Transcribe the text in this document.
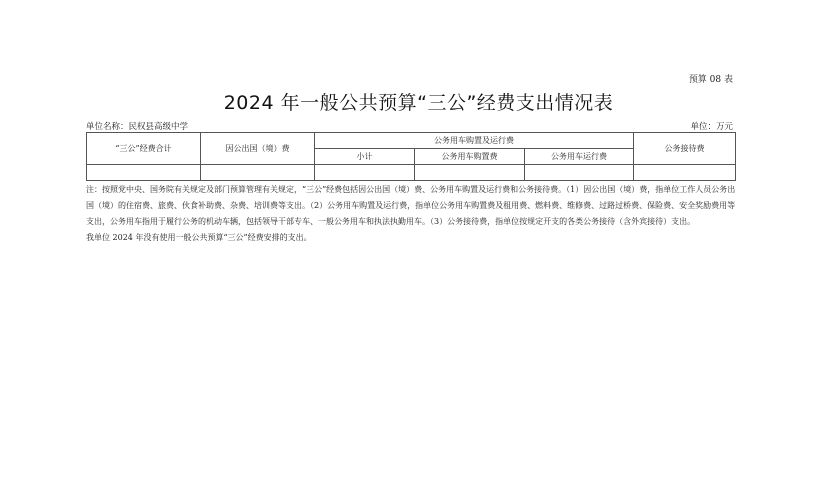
预算 08 表
2024 年一般公共预算“三公”经费支出情况表
单位名称：民权县高级中学	单位：万元
“三公”经费合计	因公出国（境）费	公务用车购置及运行费			公务接待费
		小计	公务用车购置费	公务用车运行费	

注：按照党中央、国务院有关规定及部门预算管理有关规定，“三公”经费包括因公出国（境）费、公务用车购置及运行费和公务接待费。（1）因公出国（境）费，指单位工作人员公务出国（境）的住宿费、旅费、伙食补助费、杂费、培训费等支出。（2）公务用车购置及运行费，指单位公务用车购置费及租用费、燃料费、维修费、过路过桥费、保险费、安全奖励费用等支出，公务用车指用于履行公务的机动车辆，包括领导干部专车、一般公务用车和执法执勤用车。（3）公务接待费，指单位按规定开支的各类公务接待（含外宾接待）支出。

我单位 2024 年没有使用一般公共预算“三公”经费安排的支出。
